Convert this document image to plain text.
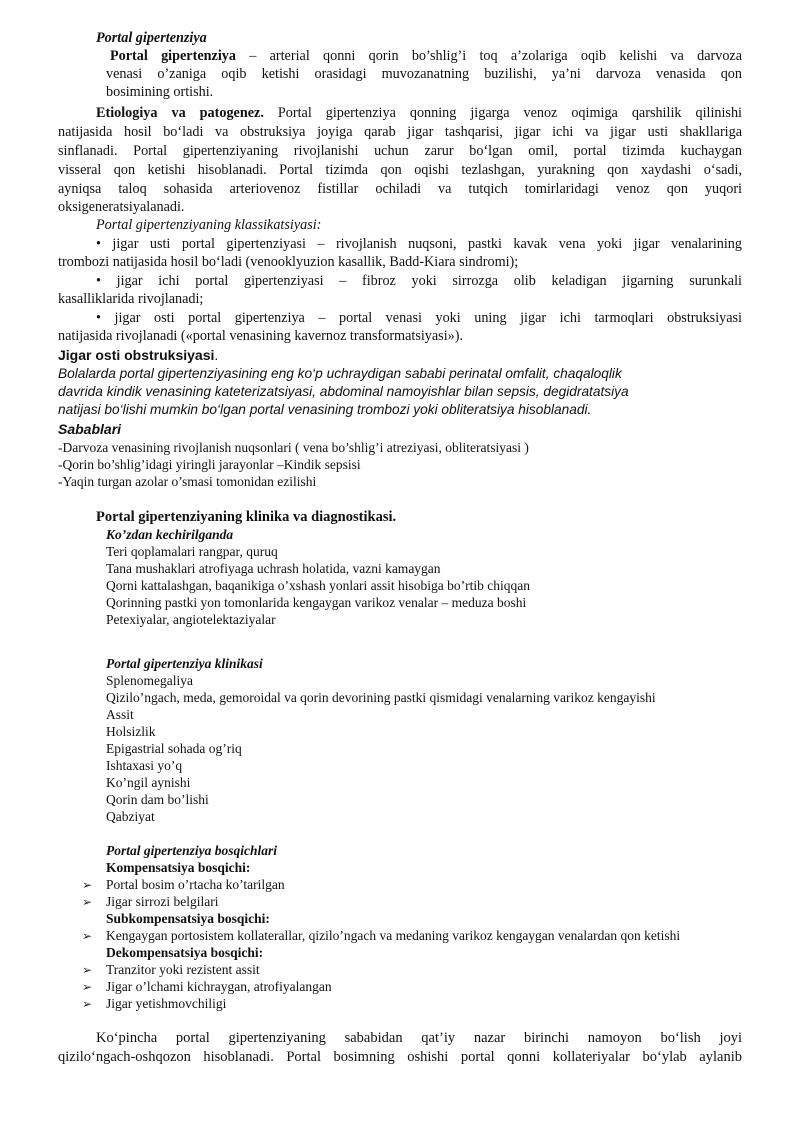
Portal gipertenziya
Portal gipertenziya – arterial qonni qorin bo’shlig’i toq a’zolariga oqib kelishi va darvoza
venasi o’zaniga oqib ketishi orasidagi muvozanatning buzilishi, ya’ni darvoza venasida qon
bosimining ortishi.
Etiologiya va patogenez. Portal gipertenziya qonning jigarga venoz oqimiga qarshilik qilinishi
natijasida hosil bo‘ladi va obstruksiya joyiga qarab jigar tashqarisi, jigar ichi va jigar usti shakllariga
sinflanadi. Portal gipertenziyaning rivojlanishi uchun zarur bo‘lgan omil, portal tizimda kuchaygan
visseral qon ketishi hisoblanadi. Portal tizimda qon oqishi tezlashgan, yurakning qon xaydashi o‘sadi,
ayniqsa taloq sohasida arteriovenoz fistillar ochiladi va tutqich tomirlaridagi venoz qon yuqori
oksigeneratsiyalanadi.
Portal gipertenziyaning klassikatsiyasi:
• jigar usti portal gipertenziyasi – rivojlanish nuqsoni, pastki kavak vena yoki jigar venalarining
trombozi natijasida hosil bo‘ladi (venooklyuzion kasallik, Badd-Kiara sindromi);
• jigar ichi portal gipertenziyasi – fibroz yoki sirrozga olib keladigan jigarning surunkali
kasalliklarida rivojlanadi;
• jigar osti portal gipertenziya – portal venasi yoki uning jigar ichi tarmoqlari obstruksiyasi
natijasida rivojlanadi («portal venasining kavernoz transformatsiyasi»).
Jigar osti obstruksiyasi.
Bolalarda portal gipertenziyasining eng ko‘p uchraydigan sababi perinatal omfalit, chaqaloqlik
davrida kindik venasining kateterizatsiyasi, abdominal namoyishlar bilan sepsis, degidratatsiya
natijasi bo‘lishi mumkin bo‘lgan portal venasining trombozi yoki obliteratsiya hisoblanadi.
Sabablari
-Darvoza venasining rivojlanish nuqsonlari ( vena bo’shlig’i atreziyasi, obliteratsiyasi )
-Qorin bo’shlig’idagi yiringli jarayonlar –Kindik sepsisi
-Yaqin turgan azolar o’smasi tomonidan ezilishi
Portal gipertenziyaning klinika va diagnostikasi.
Ko’zdan kechirilganda
Teri qoplamalari rangpar, quruq
Tana mushaklari atrofiyaga uchrash holatida, vazni kamaygan
Qorni kattalashgan, baqanikiga o’xshash yonlari assit hisobiga bo’rtib chiqqan
Qorinning pastki yon tomonlarida kengaygan varikoz venalar – meduza boshi
Petexiyalar, angiotelektaziyalar
Portal gipertenziya klinikasi
Splenomegaliya
Qizilo’ngach, meda, gemoroidal va qorin devorining pastki qismidagi venalarning varikoz kengayishi
Assit
Holsizlik
Epigastrial sohada og’riq
Ishtaxasi yo’q
Ko’ngil aynishi
Qorin dam bo’lishi
Qabziyat
Portal gipertenziya bosqichlari
Kompensatsiya bosqichi:
➢ Portal bosim o’rtacha ko’tarilgan
➢ Jigar sirrozi belgilari
Subkompensatsiya bosqichi:
➢ Kengaygan portosistem kollaterallar, qizilo’ngach va medaning varikoz kengaygan venalardan qon ketishi
Dekompensatsiya bosqichi:
➢ Tranzitor yoki rezistent assit
➢ Jigar o’lchami kichraygan, atrofiyalangan
➢ Jigar yetishmovchiligi
Ko‘pincha portal gipertenziyaning sababidan qat’iy nazar birinchi namoyon bo‘lish joyi
qizilo‘ngach-oshqozon hisoblanadi. Portal bosimning oshishi portal qonni kollateriyalar bo‘ylab aylanib
